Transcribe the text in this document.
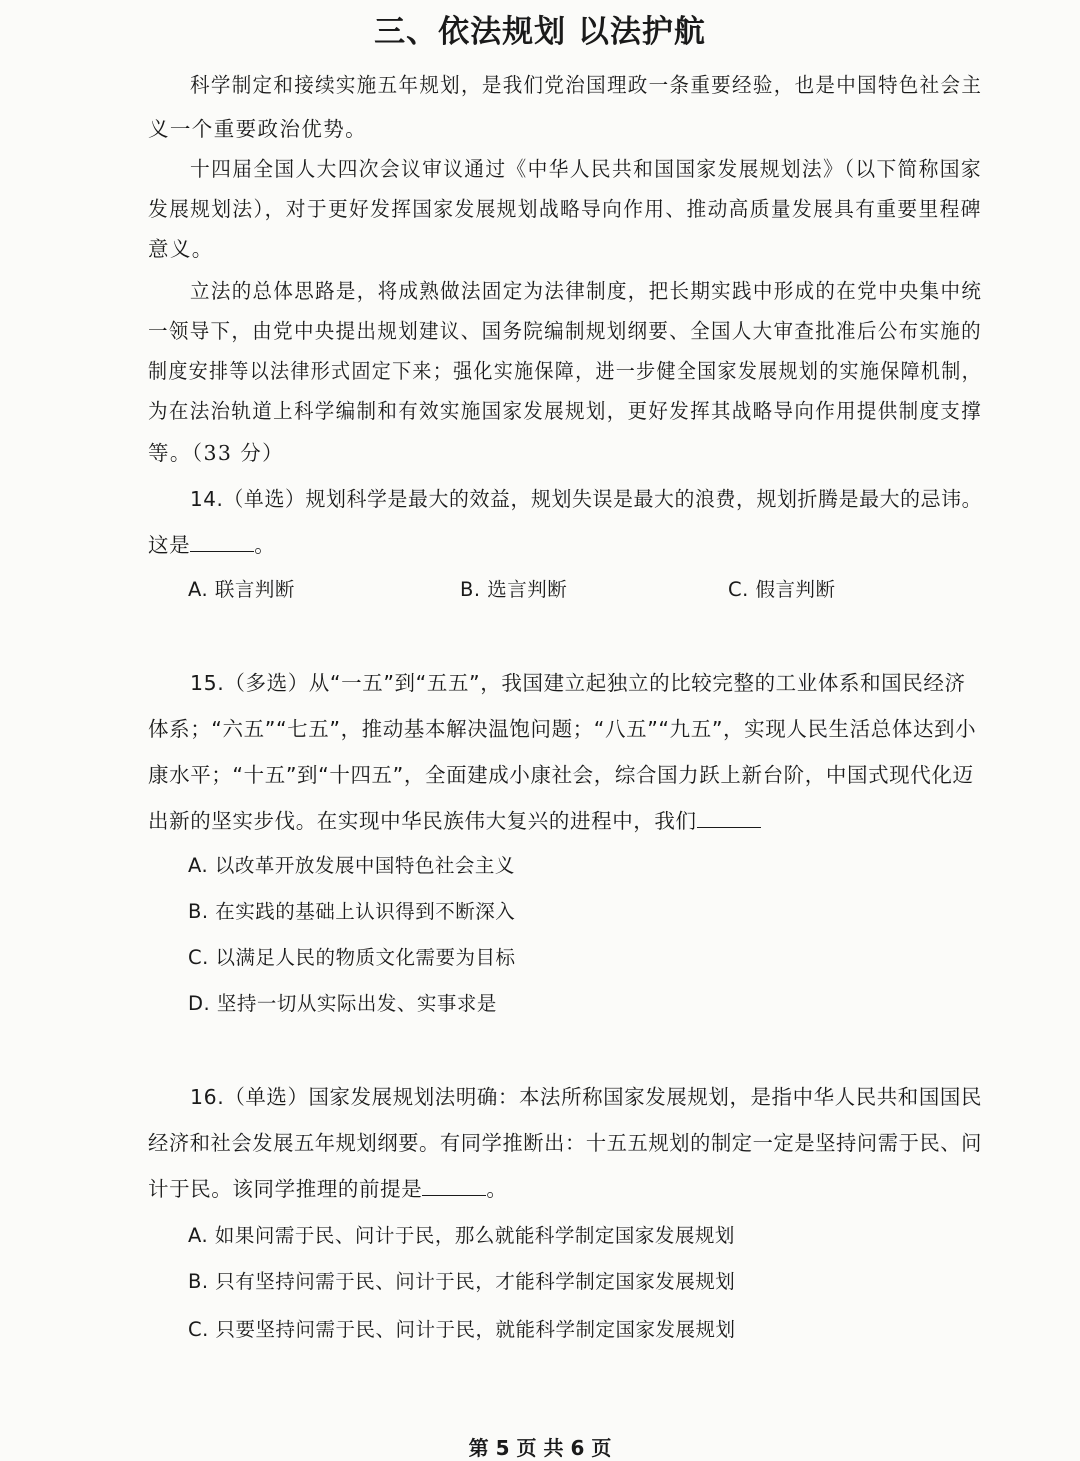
三、依法规划 以法护航
科学制定和接续实施五年规划，是我们党治国理政一条重要经验，也是中国特色社会主
义一个重要政治优势。
十四届全国人大四次会议审议通过《中华人民共和国国家发展规划法》（以下简称国家
发展规划法），对于更好发挥国家发展规划战略导向作用、推动高质量发展具有重要里程碑
意义。
立法的总体思路是，将成熟做法固定为法律制度，把长期实践中形成的在党中央集中统
一领导下，由党中央提出规划建议、国务院编制规划纲要、全国人大审查批准后公布实施的
制度安排等以法律形式固定下来；强化实施保障，进一步健全国家发展规划的实施保障机制，
为在法治轨道上科学编制和有效实施国家发展规划，更好发挥其战略导向作用提供制度支撑
等。（33 分）
14.（单选）规划科学是最大的效益，规划失误是最大的浪费，规划折腾是最大的忌讳。
这是	。
A. 联言判断	B. 选言判断	C. 假言判断
15.（多选）从“一五”到“五五”，我国建立起独立的比较完整的工业体系和国民经济
体系；“六五”“七五”，推动基本解决温饱问题；“八五”“九五”，实现人民生活总体达到小
康水平；“十五”到“十四五”，全面建成小康社会，综合国力跃上新台阶，中国式现代化迈
出新的坚实步伐。在实现中华民族伟大复兴的进程中，我们
A. 以改革开放发展中国特色社会主义
B. 在实践的基础上认识得到不断深入
C. 以满足人民的物质文化需要为目标
D. 坚持一切从实际出发、实事求是
16.（单选）国家发展规划法明确：本法所称国家发展规划，是指中华人民共和国国民
经济和社会发展五年规划纲要。有同学推断出：十五五规划的制定一定是坚持问需于民、问
计于民。该同学推理的前提是	。
A. 如果问需于民、问计于民，那么就能科学制定国家发展规划
B. 只有坚持问需于民、问计于民，才能科学制定国家发展规划
C. 只要坚持问需于民、问计于民，就能科学制定国家发展规划
第 5 页 共 6 页
